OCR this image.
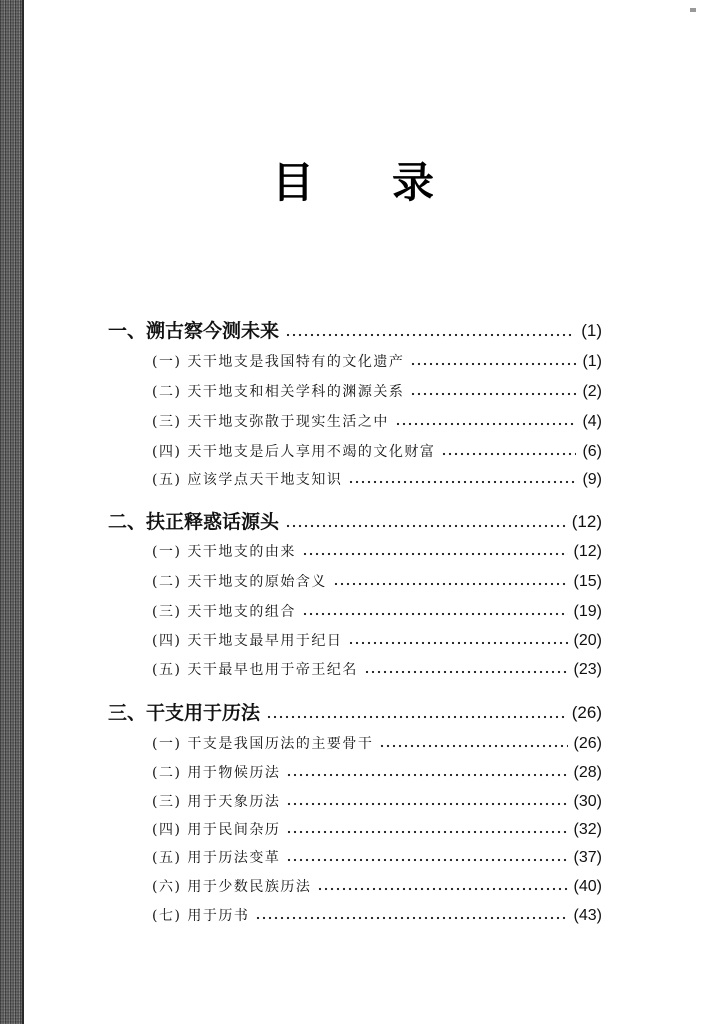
目 录
一、溯古察今测未来	(1)
(一) 天干地支是我国特有的文化遗产	(1)
(二) 天干地支和相关学科的渊源关系	(2)
(三) 天干地支弥散于现实生活之中	(4)
(四) 天干地支是后人享用不竭的文化财富	(6)
(五) 应该学点天干地支知识	(9)
二、扶正释惑话源头	(12)
(一) 天干地支的由来	(12)
(二) 天干地支的原始含义	(15)
(三) 天干地支的组合	(19)
(四) 天干地支最早用于纪日	(20)
(五) 天干最早也用于帝王纪名	(23)
三、干支用于历法	(26)
(一) 干支是我国历法的主要骨干	(26)
(二) 用于物候历法	(28)
(三) 用于天象历法	(30)
(四) 用于民间杂历	(32)
(五) 用于历法变革	(37)
(六) 用于少数民族历法	(40)
(七) 用于历书	(43)
